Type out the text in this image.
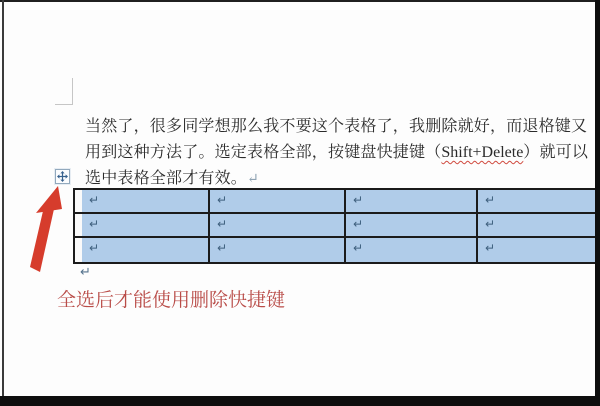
当然了，很多同学想那么我不要这个表格了，我删除就好，而退格键又
用到这种方法了。选定表格全部，按键盘快捷键（Shift+Delete）就可以
选中表格全部才有效。↵
↵	↵	↵	↵
↵	↵	↵	↵
↵	↵	↵	↵
↵
全选后才能使用删除快捷键
